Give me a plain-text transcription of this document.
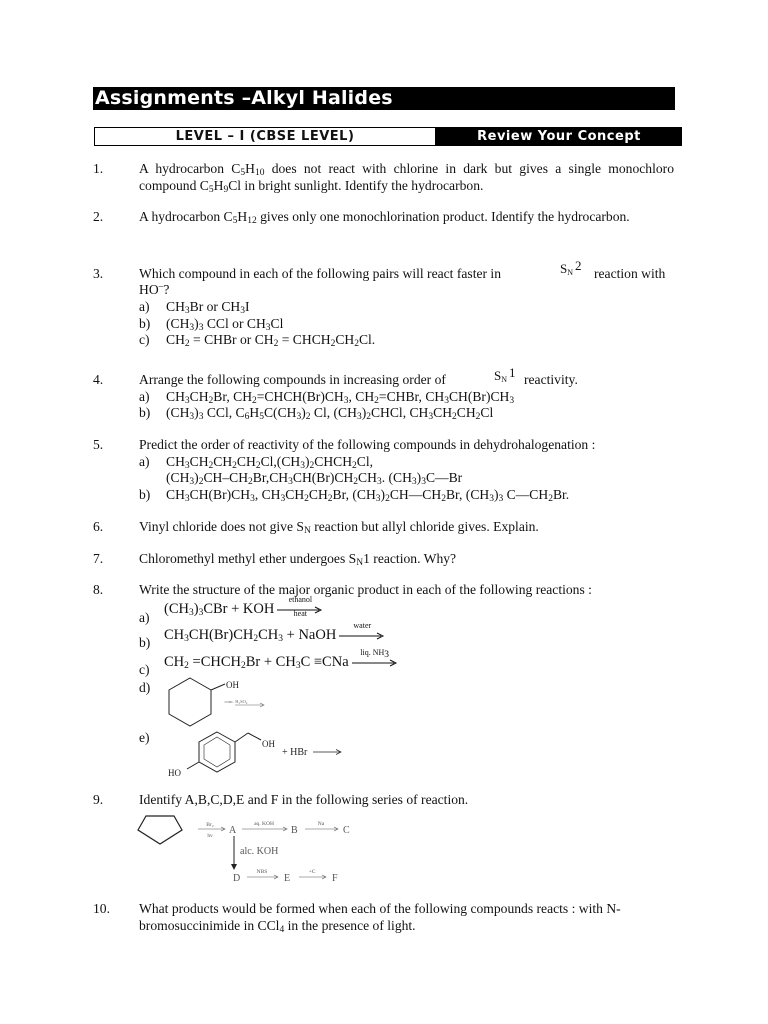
Assignments –Alkyl Halides
LEVEL – I (CBSE LEVEL)	Review Your Concept
1.	A hydrocarbon $C_5H_{10}$ does not react with chlorine in dark but gives a single monochloro compound $C_5H_9Cl$ in bright sunlight. Identify the hydrocarbon.
2.	A hydrocarbon $C_5H_{12}$ gives only one monochlorination product. Identify the hydrocarbon.
3.	Which compound in each of the following pairs will react faster in	SN 2
reaction with
HO–?
a) $CH_3Br$ or $CH_3I$
b) $(CH_3)_3$ CCl or $CH_3Cl$
c) $CH_2$ = CHBr or $CH_2$ = $CHCH_2CH_2Cl$.
4.	Arrange the following compounds in increasing order of	SN 1 reactivity.
a) $CH_3CH_2Br$, $CH_2=CHCH(Br)CH_3$, $CH_2=CHBr$, $CH_3CH(Br)CH_3$
b) $(CH_3)_3$ CCl, $C_6H_5C(CH_3)_2$ Cl, $(CH_3)_2CHCl$, $CH_3CH_2CH_2Cl$
5.	Predict the order of reactivity of the following compounds in dehydrohalogenation :
a) $CH_3CH_2CH_2CH_2Cl,(CH_3)_2CHCH_2Cl$,
$(CH_3)_2CH-CH_2Br,CH_3CH(Br)CH_2CH_3$. $(CH_3)_3C—Br$
b) $CH_3CH(Br)CH_3$, $CH_3CH_2CH_2Br$, $(CH_3)_2CH—CH_2Br$, $(CH_3)_3$ $C—CH_2Br$.
6.	Vinyl chloride does not give $S_N$ reaction but allyl chloride gives. Explain.
7.	Chloromethyl methyl ether undergoes $S_N1$ reaction. Why?
8.	Write the structure of the major organic product in each of the following reactions :
a)
$(CH_3)_3CBr$ + KOH
ethanol
heat
b) $CH_3CH(Br)CH_2CH_3$ + NaOH
water
c) $CH_2$ $=CHCH_2Br + CH_3C \equiv CNa$
liq. $NH_3$
d)	OH
conc. H₂SO₄
e)	OH
HO
+ HBr
9.	Identify A,B,C,D,E and F in the following series of reaction.
Br₂
hν A
aq. KOH
B
Na
C
alc. KOH
D
NBS
E
+C
F
10. What products would be formed when each of the following compounds reacts : with N-bromosuccinimide in CCl$_4$ in the presence of light.
